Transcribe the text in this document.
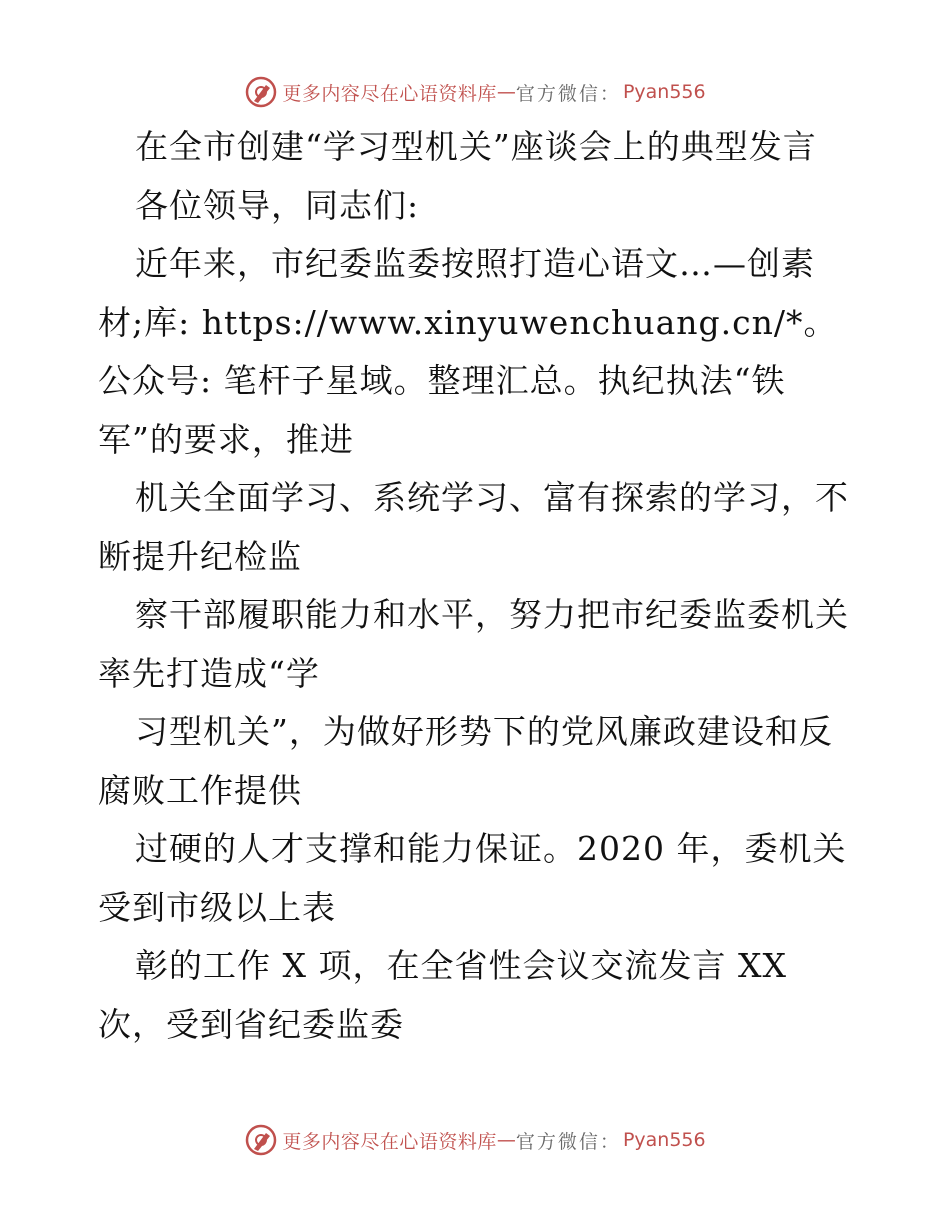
更多内容尽在心语资料库 — 官方微信： Pyan556

在全市创建“学习型机关”座谈会上的典型发言

各位领导，同志们:

近年来，市纪委监委按照打造心语文…—创素材;库: https://www.xinyuwenchuang.cn/*。公众号: 笔杆子星域。整理汇总。执纪执法“铁军”的要求，推进

机关全面学习、系统学习、富有探索的学习，不断提升纪检监

察干部履职能力和水平，努力把市纪委监委机关率先打造成“学

习型机关”，为做好形势下的党风廉政建设和反腐败工作提供

过硬的人才支撑和能力保证。2020 年，委机关受到市级以上表

彰的工作 X 项，在全省性会议交流发言 XX 次，受到省纪委监委

更多内容尽在心语资料库 — 官方微信： Pyan556
